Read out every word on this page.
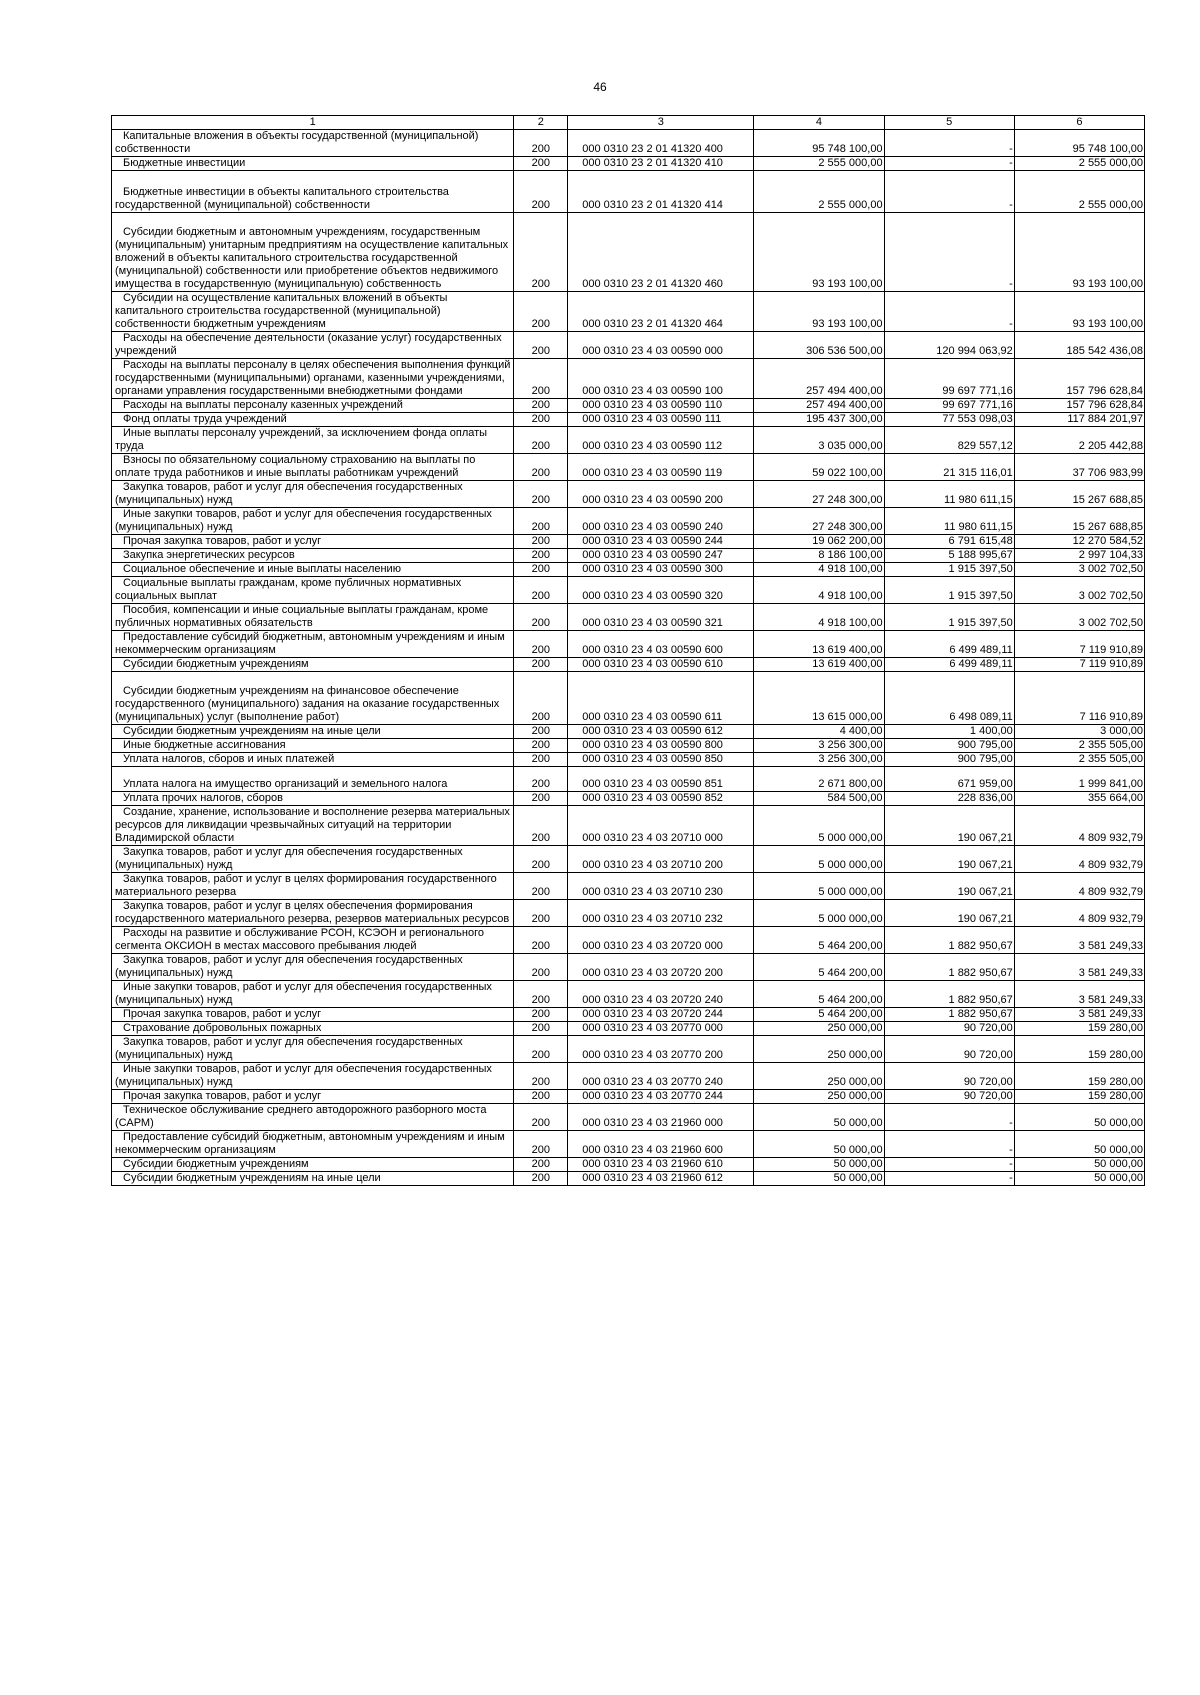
46
1	2	3	4	5	6
Капитальные вложения в объекты государственной (муниципальной) собственности	200	000 0310 23 2 01 41320 400	95 748 100,00	-	95 748 100,00
Бюджетные инвестиции	200	000 0310 23 2 01 41320 410	2 555 000,00	-	2 555 000,00
Бюджетные инвестиции в объекты капитального строительства государственной (муниципальной) собственности	200	000 0310 23 2 01 41320 414	2 555 000,00	-	2 555 000,00
Субсидии бюджетным и автономным учреждениям, государственным (муниципальным) унитарным предприятиям на осуществление капитальных вложений в объекты капитального строительства государственной (муниципальной) собственности или приобретение объектов недвижимого имущества в государственную (муниципальную) собственность	200	000 0310 23 2 01 41320 460	93 193 100,00	-	93 193 100,00
Субсидии на осуществление капитальных вложений в объекты капитального строительства государственной (муниципальной) собственности бюджетным учреждениям	200	000 0310 23 2 01 41320 464	93 193 100,00	-	93 193 100,00
Расходы на обеспечение деятельности (оказание услуг) государственных учреждений	200	000 0310 23 4 03 00590 000	306 536 500,00	120 994 063,92	185 542 436,08
Расходы на выплаты персоналу в целях обеспечения выполнения функций государственными (муниципальными) органами, казенными учреждениями, органами управления государственными внебюджетными фондами	200	000 0310 23 4 03 00590 100	257 494 400,00	99 697 771,16	157 796 628,84
Расходы на выплаты персоналу казенных учреждений	200	000 0310 23 4 03 00590 110	257 494 400,00	99 697 771,16	157 796 628,84
Фонд оплаты труда учреждений	200	000 0310 23 4 03 00590 111	195 437 300,00	77 553 098,03	117 884 201,97
Иные выплаты персоналу учреждений, за исключением фонда оплаты труда	200	000 0310 23 4 03 00590 112	3 035 000,00	829 557,12	2 205 442,88
Взносы по обязательному социальному страхованию на выплаты по оплате труда работников и иные выплаты работникам учреждений	200	000 0310 23 4 03 00590 119	59 022 100,00	21 315 116,01	37 706 983,99
Закупка товаров, работ и услуг для обеспечения государственных (муниципальных) нужд	200	000 0310 23 4 03 00590 200	27 248 300,00	11 980 611,15	15 267 688,85
Иные закупки товаров, работ и услуг для обеспечения государственных (муниципальных) нужд	200	000 0310 23 4 03 00590 240	27 248 300,00	11 980 611,15	15 267 688,85
Прочая закупка товаров, работ и услуг	200	000 0310 23 4 03 00590 244	19 062 200,00	6 791 615,48	12 270 584,52
Закупка энергетических ресурсов	200	000 0310 23 4 03 00590 247	8 186 100,00	5 188 995,67	2 997 104,33
Социальное обеспечение и иные выплаты населению	200	000 0310 23 4 03 00590 300	4 918 100,00	1 915 397,50	3 002 702,50
Социальные выплаты гражданам, кроме публичных нормативных социальных выплат	200	000 0310 23 4 03 00590 320	4 918 100,00	1 915 397,50	3 002 702,50
Пособия, компенсации и иные социальные выплаты гражданам, кроме публичных нормативных обязательств	200	000 0310 23 4 03 00590 321	4 918 100,00	1 915 397,50	3 002 702,50
Предоставление субсидий бюджетным, автономным учреждениям и иным некоммерческим организациям	200	000 0310 23 4 03 00590 600	13 619 400,00	6 499 489,11	7 119 910,89
Субсидии бюджетным учреждениям	200	000 0310 23 4 03 00590 610	13 619 400,00	6 499 489,11	7 119 910,89
Субсидии бюджетным учреждениям на финансовое обеспечение государственного (муниципального) задания на оказание государственных (муниципальных) услуг (выполнение работ)	200	000 0310 23 4 03 00590 611	13 615 000,00	6 498 089,11	7 116 910,89
Субсидии бюджетным учреждениям на иные цели	200	000 0310 23 4 03 00590 612	4 400,00	1 400,00	3 000,00
Иные бюджетные ассигнования	200	000 0310 23 4 03 00590 800	3 256 300,00	900 795,00	2 355 505,00
Уплата налогов, сборов и иных платежей	200	000 0310 23 4 03 00590 850	3 256 300,00	900 795,00	2 355 505,00
Уплата налога на имущество организаций и земельного налога	200	000 0310 23 4 03 00590 851	2 671 800,00	671 959,00	1 999 841,00
Уплата прочих налогов, сборов	200	000 0310 23 4 03 00590 852	584 500,00	228 836,00	355 664,00
Создание, хранение, использование и восполнение резерва материальных ресурсов для ликвидации чрезвычайных ситуаций на территории Владимирской области	200	000 0310 23 4 03 20710 000	5 000 000,00	190 067,21	4 809 932,79
Закупка товаров, работ и услуг для обеспечения государственных (муниципальных) нужд	200	000 0310 23 4 03 20710 200	5 000 000,00	190 067,21	4 809 932,79
Закупка товаров, работ и услуг в целях формирования государственного материального резерва	200	000 0310 23 4 03 20710 230	5 000 000,00	190 067,21	4 809 932,79
Закупка товаров, работ и услуг в целях обеспечения формирования государственного материального резерва, резервов материальных ресурсов	200	000 0310 23 4 03 20710 232	5 000 000,00	190 067,21	4 809 932,79
Расходы на развитие и обслуживание РСОН, КСЭОН и регионального сегмента ОКСИОН в местах массового пребывания людей	200	000 0310 23 4 03 20720 000	5 464 200,00	1 882 950,67	3 581 249,33
Закупка товаров, работ и услуг для обеспечения государственных (муниципальных) нужд	200	000 0310 23 4 03 20720 200	5 464 200,00	1 882 950,67	3 581 249,33
Иные закупки товаров, работ и услуг для обеспечения государственных (муниципальных) нужд	200	000 0310 23 4 03 20720 240	5 464 200,00	1 882 950,67	3 581 249,33
Прочая закупка товаров, работ и услуг	200	000 0310 23 4 03 20720 244	5 464 200,00	1 882 950,67	3 581 249,33
Страхование добровольных пожарных	200	000 0310 23 4 03 20770 000	250 000,00	90 720,00	159 280,00
Закупка товаров, работ и услуг для обеспечения государственных (муниципальных) нужд	200	000 0310 23 4 03 20770 200	250 000,00	90 720,00	159 280,00
Иные закупки товаров, работ и услуг для обеспечения государственных (муниципальных) нужд	200	000 0310 23 4 03 20770 240	250 000,00	90 720,00	159 280,00
Прочая закупка товаров, работ и услуг	200	000 0310 23 4 03 20770 244	250 000,00	90 720,00	159 280,00
Техническое обслуживание среднего автодорожного разборного моста (САРМ)	200	000 0310 23 4 03 21960 000	50 000,00	-	50 000,00
Предоставление субсидий бюджетным, автономным учреждениям и иным некоммерческим организациям	200	000 0310 23 4 03 21960 600	50 000,00	-	50 000,00
Субсидии бюджетным учреждениям	200	000 0310 23 4 03 21960 610	50 000,00	-	50 000,00
Субсидии бюджетным учреждениям на иные цели	200	000 0310 23 4 03 21960 612	50 000,00	-	50 000,00
